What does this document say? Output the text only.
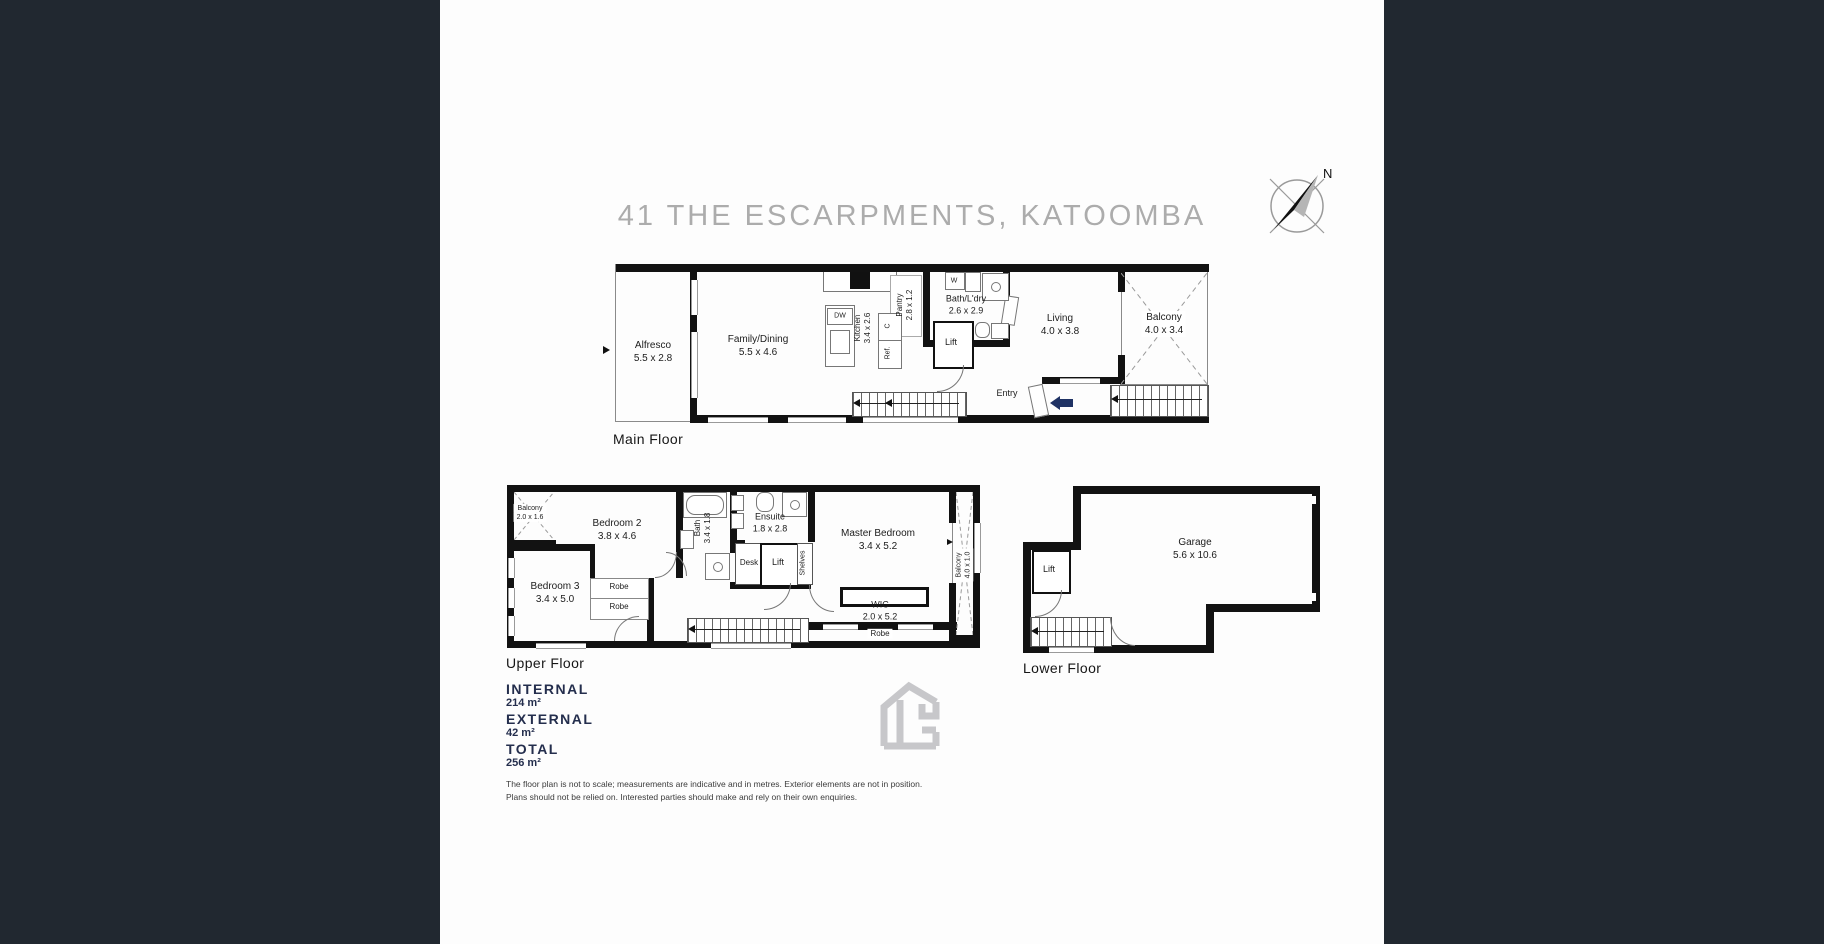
41 THE ESCARPMENTS, KATOOMBA
N
DW
W
Alfresco
5.5 x 2.8
Family/Dining
5.5 x 4.6
Kitchen 3.4 x 2.6
Pantry 2.8 x 1.2
C
Ref.
Bath/L'dry
2.6 x 2.9
Lift
Living
4.0 x 3.8
Balcony
4.0 x 3.4
Entry
Main Floor
Balcony
2.0 x 1.6
Bedroom 2
3.8 x 4.6
Bedroom 3
3.4 x 5.0
Bath 3.4 x 1.8	Ensuite
1.8 x 2.8	Master Bedroom
3.4 x 5.2
Balcony 4.0 x 1.0
WIC
2.0 x 5.2
Robe
Robe
Robe
Desk Lift Shelves
Upper Floor
Garage
5.6 x 10.6
Lift
Lower Floor
INTERNAL
214 m²
EXTERNAL
42 m²
TOTAL
256 m²
The floor plan is not to scale; measurements are indicative and in metres. Exterior elements are not in position.
Plans should not be relied on. Interested parties should make and rely on their own enquiries.
